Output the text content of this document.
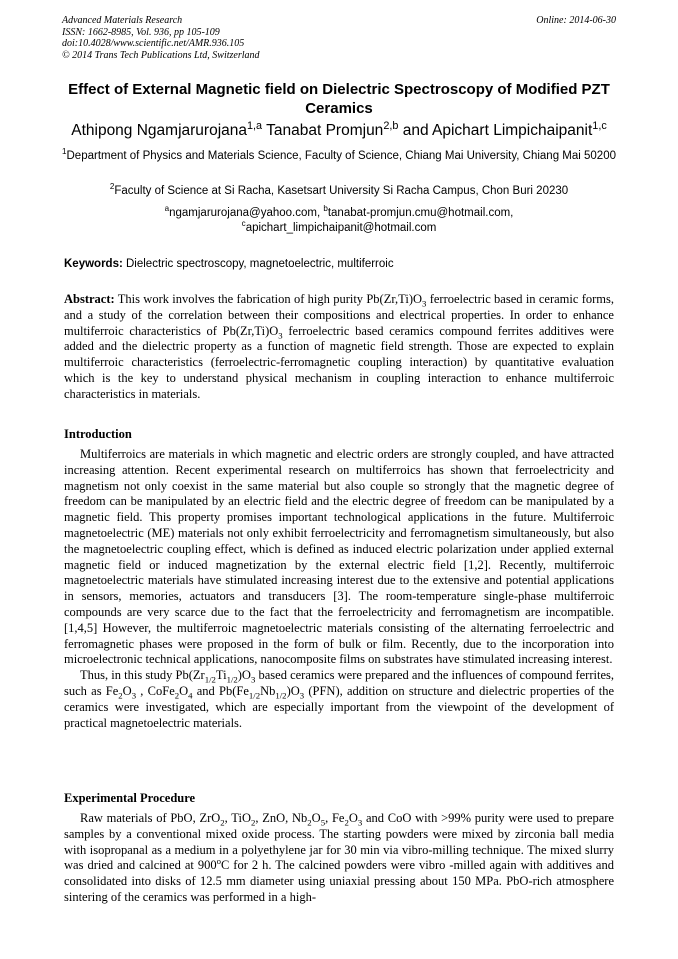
Advanced Materials Research
ISSN: 1662-8985, Vol. 936, pp 105-109
doi:10.4028/www.scientific.net/AMR.936.105
© 2014 Trans Tech Publications Ltd, Switzerland
Online: 2014-06-30
Effect of External Magnetic field on Dielectric Spectroscopy of Modified PZT Ceramics
Athipong Ngamjarurojana$^{1,a}$ Tanabat Promjun$^{2,b}$ and Apichart Limpichaipanit$^{1,c}$
$^1$Department of Physics and Materials Science, Faculty of Science, Chiang Mai University, Chiang Mai 50200
$^2$Faculty of Science at Si Racha, Kasetsart University Si Racha Campus, Chon Buri 20230
$^a$ngamjarurojana@yahoo.com, $^b$tanabat-promjun.cmu@hotmail.com,
$^c$apichart_limpichaipanit@hotmail.com
Keywords: Dielectric spectroscopy, magnetoelectric, multiferroic

Abstract: This work involves the fabrication of high purity $Pb(Zr,Ti)O_3$ ferroelectric based in ceramic forms, and a study of the correlation between their compositions and electrical properties. In order to enhance multiferroic characteristics of $Pb(Zr,Ti)O_3$ ferroelectric based ceramics compound ferrites additives were added and the dielectric property as a function of magnetic field strength. Those are expected to explain multiferroic characteristics (ferroelectric-ferromagnetic coupling interaction) by quantitative evaluation which is the key to understand physical mechanism in coupling interaction to enhance multiferroic characteristics in materials.

Introduction

Multiferroics are materials in which magnetic and electric orders are strongly coupled, and have attracted increasing attention. Recent experimental research on multiferroics has shown that ferroelectricity and magnetism not only coexist in the same material but also couple so strongly that the magnetic degree of freedom can be manipulated by an electric field and the electric degree of freedom can be manipulated by a magnetic field. This property promises important technological applications in the future. Multiferroic magnetoelectric (ME) materials not only exhibit ferroelectricity and ferromagnetism simultaneously, but also the magnetoelectric coupling effect, which is defined as induced electric polarization under applied external magnetic field or induced magnetization by the external electric field [1,2]. Recently, multiferroic magnetoelectric materials have stimulated increasing interest due to the extensive and potential applications in sensors, memories, actuators and transducers [3]. The room-temperature single-phase multiferroic compounds are very scarce due to the fact that the ferroelectricity and ferromagnetism are incompatible.[1,4,5] However, the multiferroic magnetoelectric materials consisting of the alternating ferroelectric and ferromagnetic phases were proposed in the form of bulk or film. Recently, due to the incorporation into microelectronic technical applications, nanocomposite films on substrates have stimulated increasing interest.

Thus, in this study $Pb(Zr_{1/2}Ti_{1/2})O_3$ based ceramics were prepared and the influences of compound ferrites, such as $Fe_2O_3$ , $CoFe_2O_4$ and $Pb(Fe_{1/2}Nb_{1/2})O_3$ (PFN), addition on structure and dielectric properties of the ceramics were investigated, which are especially important from the viewpoint of the development of practical magnetoelectric materials.

Experimental Procedure

Raw materials of PbO, ZrO$_2$, TiO$_2$, ZnO, $Nb_2O_5$, $Fe_2O_3$ and CoO with >99% purity were used to prepare samples by a conventional mixed oxide process. The starting powders were mixed by zirconia ball media with isopropanal as a medium in a polyethylene jar for 30 min via vibro-milling technique. The mixed slurry was dried and calcined at 900$^o$C for 2 h. The calcined powders were vibro -milled again with additives and consolidated into disks of 12.5 mm diameter using uniaxial pressing about 150 MPa. PbO-rich atmosphere sintering of the ceramics was performed in a high-
